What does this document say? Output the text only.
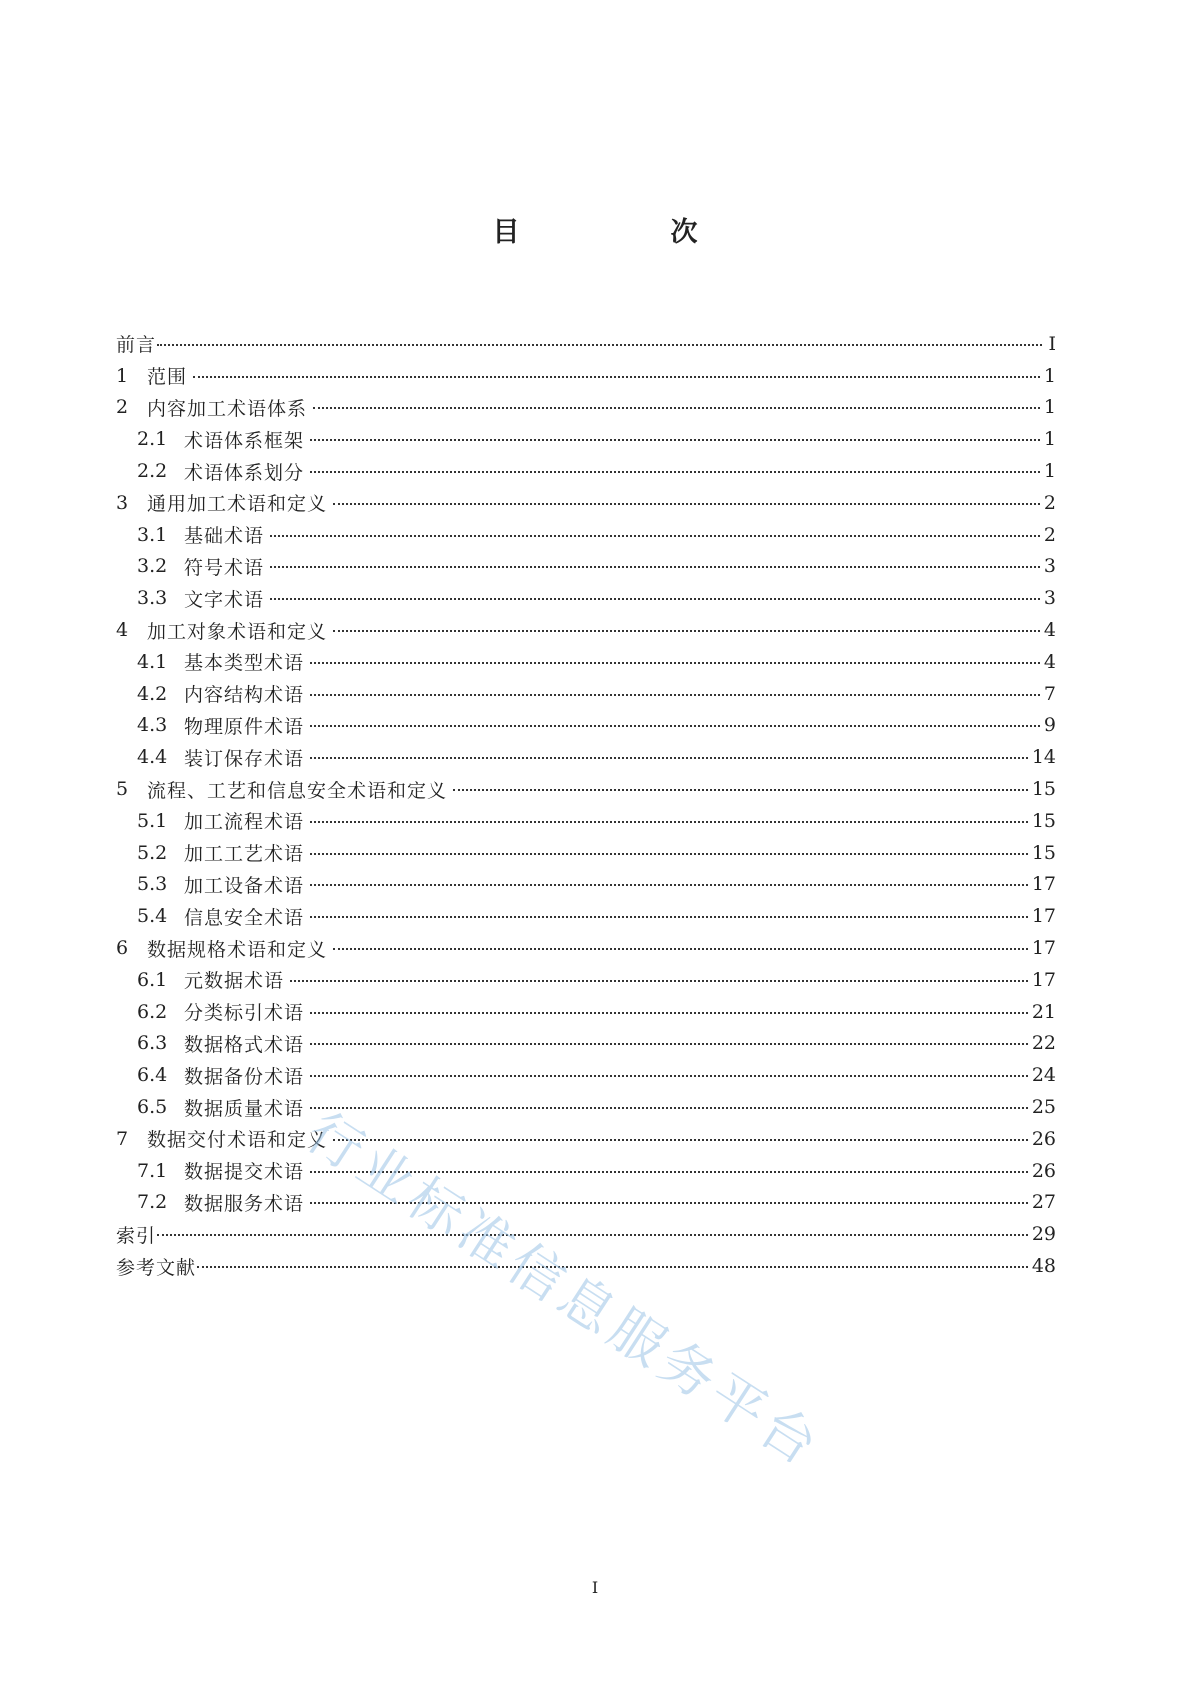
目　次
前言	I
1 范围	1
2 内容加工术语体系	1
2.1 术语体系框架	1
2.2 术语体系划分	1
3 通用加工术语和定义	2
3.1 基础术语	2
3.2 符号术语	3
3.3 文字术语	3
4 加工对象术语和定义	4
4.1 基本类型术语	4
4.2 内容结构术语	7
4.3 物理原件术语	9
4.4 装订保存术语	14
5 流程、工艺和信息安全术语和定义	15
5.1 加工流程术语	15
5.2 加工工艺术语	15
5.3 加工设备术语	17
5.4 信息安全术语	17
6 数据规格术语和定义	17
6.1 元数据术语	17
6.2 分类标引术语	21
6.3 数据格式术语	22
6.4 数据备份术语	24
6.5 数据质量术语	25
7 数据交付术语和定义	26
7.1 数据提交术语	26
7.2 数据服务术语	27
索引	29
参考文献	48
I
行业标准信息服务平台
